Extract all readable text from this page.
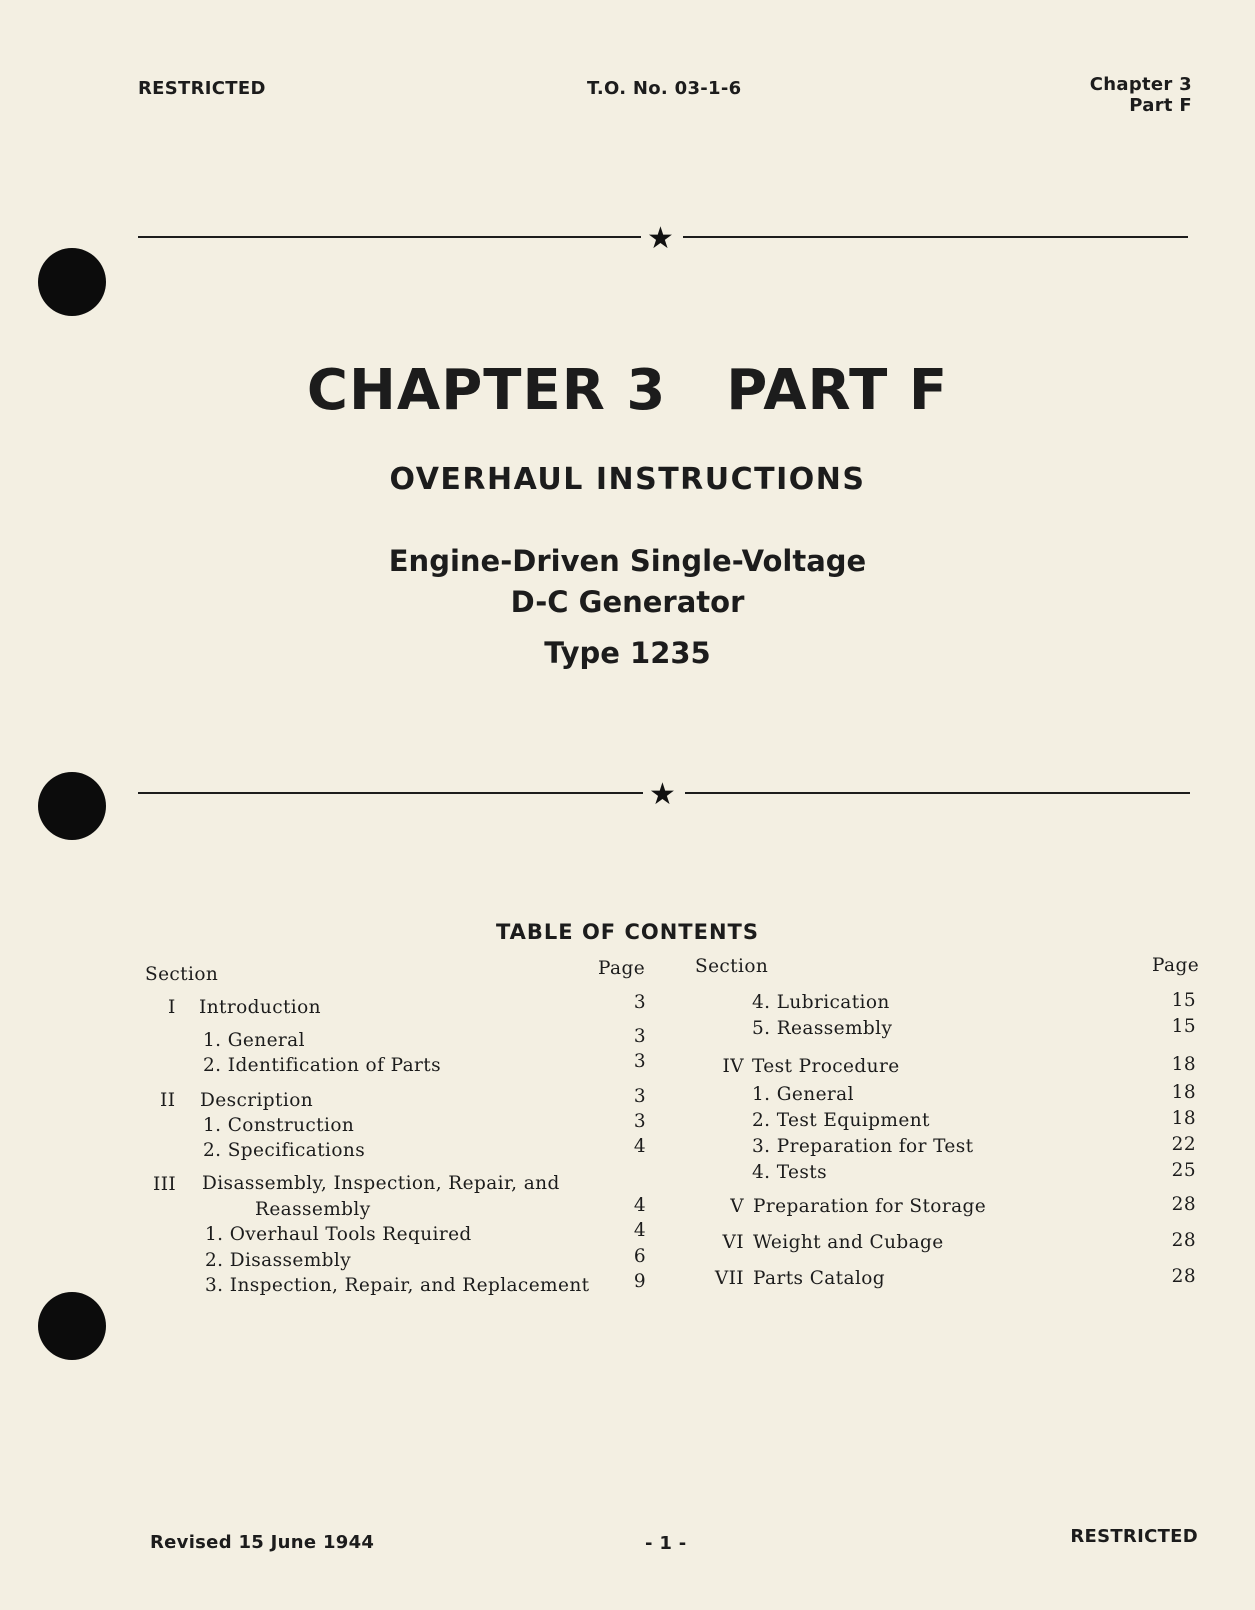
RESTRICTED	T.O. No. 03-1-6	Chapter 3
Part F
★
CHAPTER 3 PART F
OVERHAUL INSTRUCTIONS
Engine-Driven Single-Voltage
D-C Generator
Type 1235
★
TABLE OF CONTENTS
Section	Page	Section	Page
I	Introduction	3
1. General	3
2. Identification of Parts	3
II	Description	3
1. Construction	3
2. Specifications	4
III	Disassembly, Inspection, Repair, and
Reassembly	4
1. Overhaul Tools Required	4
2. Disassembly	6
3. Inspection, Repair, and Replacement	9
4. Lubrication	15
5. Reassembly	15
IV Test Procedure	18
1. General	18
2. Test Equipment	18
3. Preparation for Test	22
4. Tests	25
V Preparation for Storage	28
VI Weight and Cubage	28
VII Parts Catalog	28
Revised 15 June 1944	- 1 -	RESTRICTED
